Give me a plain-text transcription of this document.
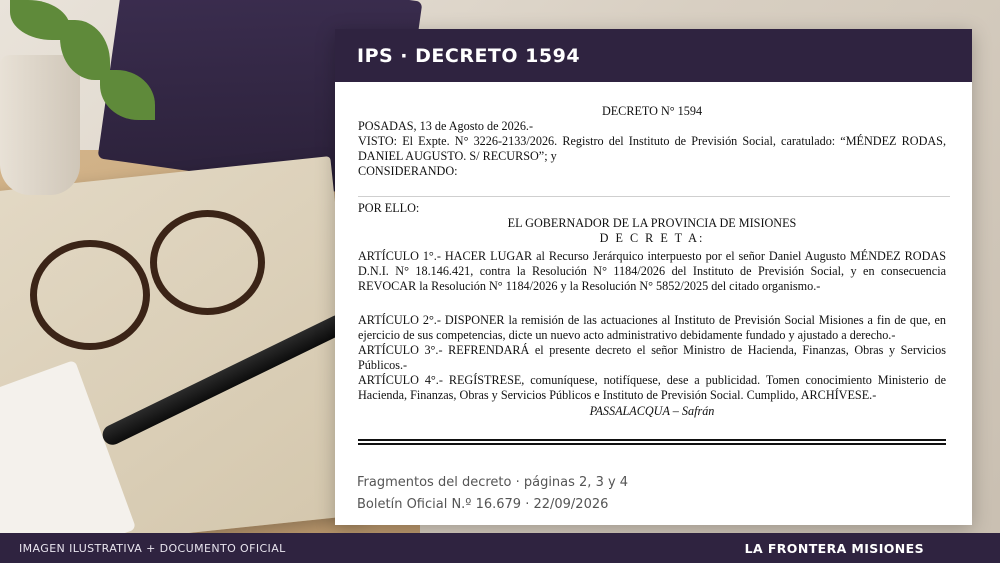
IPS · DECRETO 1594
DECRETO N° 1594
POSADAS, 13 de Agosto de 2026.-
VISTO: El Expte. N° 3226-2133/2026. Registro del Instituto de Previsión Social, caratulado: “MÉNDEZ RODAS, DANIEL AUGUSTO. S/ RECURSO”; y
CONSIDERANDO:
POR ELLO:
EL GOBERNADOR DE LA PROVINCIA DE MISIONES
D E C R E T A:
ARTÍCULO 1°.- HACER LUGAR al Recurso Jerárquico interpuesto por el señor Daniel Augusto MÉNDEZ RODAS D.N.I. N° 18.146.421, contra la Resolución N° 1184/2026 del Instituto de Previsión Social, y en consecuencia REVOCAR la Resolución N° 1184/2026 y la Resolución N° 5852/2025 del citado organismo.-
ARTÍCULO 2°.- DISPONER la remisión de las actuaciones al Instituto de Previsión Social Misiones a fin de que, en ejercicio de sus competencias, dicte un nuevo acto administrativo debidamente fundado y ajustado a derecho.-
ARTÍCULO 3°.- REFRENDARÁ el presente decreto el señor Ministro de Hacienda, Finanzas, Obras y Servicios Públicos.-
ARTÍCULO 4°.- REGÍSTRESE, comuníquese, notifíquese, dese a publicidad. Tomen conocimiento Ministerio de Hacienda, Finanzas, Obras y Servicios Públicos e Instituto de Previsión Social. Cumplido, ARCHÍVESE.-
PASSALACQUA – Safrán
Fragmentos del decreto · páginas 2, 3 y 4
Boletín Oficial N.º 16.679 · 22/09/2026
IMAGEN ILUSTRATIVA + DOCUMENTO OFICIAL	LA FRONTERA MISIONES
